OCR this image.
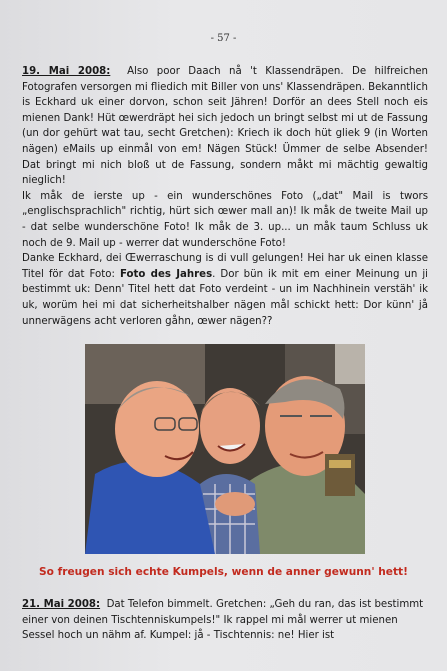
- 57 -

19. Mai 2008: Also poor Daach nå 't Klassendräpen. De hilfreichen Fotografen versorgen mi fliedich mit Biller von uns' Klassendräpen. Bekanntlich is Eckhard uk einer dorvon, schon seit Jähren! Dorför an dees Stell noch eis mienen Dank! Hüt œwerdräpt hei sich jedoch un bringt selbst mi ut de Fassung (un dor gehürt wat tau, secht Gretchen): Kriech ik doch hüt gliek 9 (in Worten nägen) eMails up einmål von em! Nägen Stück! Ümmer de selbe Absender! Dat bringt mi nich bloß ut de Fassung, sondern måkt mi mächtig gewaltig nieglich!

Ik måk de ierste up - ein wunderschönes Foto („dat" Mail is twors „englischsprachlich" richtig, hürt sich œwer mall an)! Ik måk de tweite Mail up - dat selbe wunderschöne Foto! Ik måk de 3. up... un måk taum Schluss uk noch de 9. Mail up - werrer dat wunderschöne Foto!

Danke Eckhard, dei Œwerraschung is di vull gelungen! Hei har uk einen klasse Titel för dat Foto: Foto des Jahres. Dor bün ik mit em einer Meinung un ji bestimmt uk: Denn' Titel hett dat Foto verdeint - un im Nachhinein verstäh' ik uk, worüm hei mi dat sicherheitshalber nägen mål schickt hett: Dor künn' jå unnerwägens acht verloren gåhn, œwer nägen??

So freugen sich echte Kumpels, wenn de anner gewunn' hett!

21. Mai 2008: Dat Telefon bimmelt. Gretchen: „Geh du ran, das ist bestimmt einer von deinen Tischtenniskumpels!" Ik rappel mi mål werrer ut mienen Sessel hoch un nähm af. Kumpel: jå - Tischtennis: ne! Hier ist
